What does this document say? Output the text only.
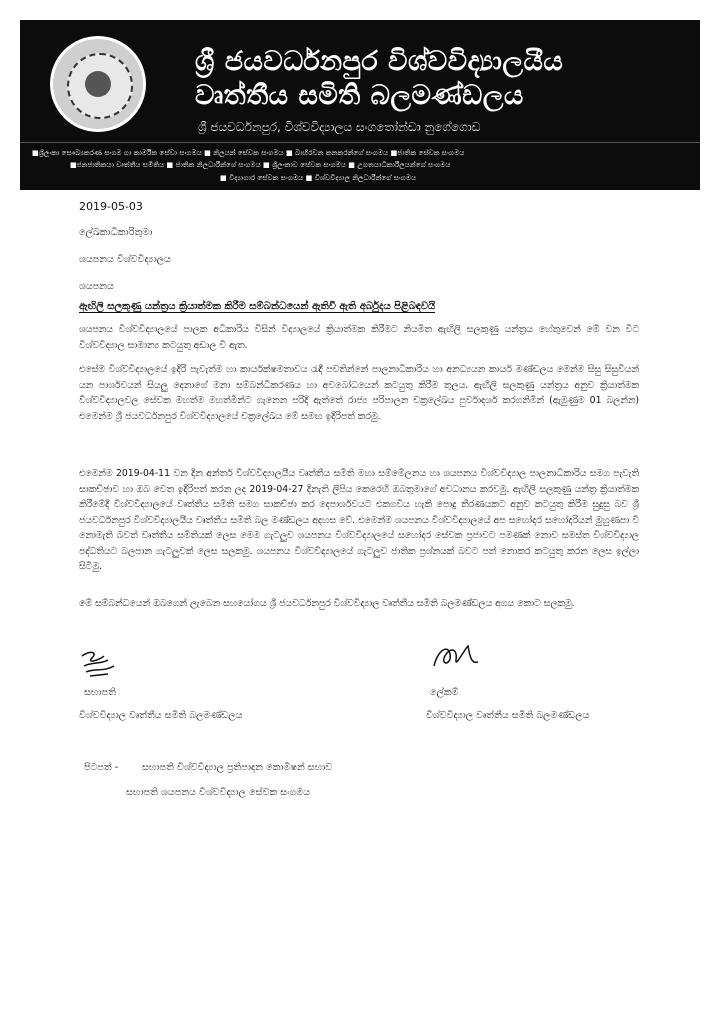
ශ්‍රී ජයවර්ධනපුර විශ්වවිද්‍යාලයීය
වෘත්තීය සමිති බලමණ්ඩලය
ශ්‍රී ජයවර්ධනපුර, විශ්වවිද්‍යාලය සංගතෝන්ඩා නුගේගොඩ
■ශ්‍රීලංකා සෞඛ්‍යකරණ සංගම ගා කාර්මික සේවා සංගමය ■ නිලයන් සේවක සංගමය ■ බාහිරවන කනකරන්ගේ සංගමය ■ජාතික සේවක සංගමය
■ජනජාතිකයා වෘත්තීය සමිතිය ■ ජාතික නිලධාරීන්ගේ සංගමය ■ ශ්‍රීලංකාව සේවක සංගමය ■ උගතයාධිකාරීලයන්ගේ සංගමය
■ විද්‍යාගාර සේවක සංගමය ■ විශ්වවිද්‍යාල නිලධාරීන්ගේ සංගමය
2019-05-03
ලේඛකාධිකාරිතුමා
ශයපනය විශ්වවිද්‍යාලය
ශයපනය
ඇඟිලි සලකුණු යන්ත්‍රය ක්‍රියාත්මක කිරීම සම්බන්ධයෙන් ඇතිවී ඇති අර්බුදය පිළිබඳවයි
ශයපනය විශ්වවිද්‍යාලයේ පාලක අධිකාරිය විසින් විද්‍යාලයේ ක්‍රියාත්මක කිරීමට නියමිත ඇඟිලි සලකුණු යන්ත්‍රය හේතුවෙන් මේ වන විට විශ්වවිද්‍යාල සාමාන්‍ය කටයුතු අඩාල වී ඇත.
එසේම විශ්වවිද්‍යාලයේ ඉදිරි පැවැත්ම හා කාර්යක්ෂමතාවය රැඳී පවතින්නේ පාලනාධිකාරිය හා අනධ්‍යයන කාර්ය මණ්ඩලය මෙන්ම සිසු සිසුවියන් යන පාර්ශවයන් සියලු දෙනාගේ මනා සම්බන්ධීකරණය හා අවබෝධයෙන් කටයුතු කිරීම තුලය. ඇඟිලි සලකුණු යන්ත්‍රය අනුව ක්‍රියාත්මක විශ්වවිද්‍යාලවල සේවක මහත්ම මහත්මීන්ට ගැනෙන පරිදි ඇත්තේ රාජ්‍ය පරිපාලන චක්‍රලේඛය පුර්වාදර්ශ කරගනිමින් (ඇමුණුම 01 බලන්න) එමෙන්ම ශ්‍රී ජයවර්ධනපුර විශ්වවිද්‍යාලයේ චක්‍රලේඛය මේ සමඟ ඉදිරිපත් කරමු.
එමෙන්ම 2019-04-11 වන දින අන්තර් විශ්වවිද්‍යාලයීය වෘත්තීය සමිති මහා සම්මේලනය හා ශයපනය විශ්වවිද්‍යාල පාලනාධිකාරිය සමග පැවැති සාකච්ඡාව හා ඔබ වෙත ඉදිරිපත් කරන ලද 2019-04-27 දිනැති ලිපිය කෙරෙහි ඔබතුමාගේ අවධානය කරවමු. ඇඟිලි සලකුණු යන්ත්‍ර ක්‍රියාත්මක කිරීමේදී විශ්වවිද්‍යාලයේ වෘත්තීය සමිති සමග සාකච්ඡා කර දෙපාර්ශවයට එකගවිය හැකි පොදු තීරණයකට අනුව කටයුතු කිරීම සුදුසු බව ශ්‍රී ජයවර්ධනපුර විශ්වවිද්‍යාලයීය වෘත්තීය සමිති බල මණ්ඩලය අදහස වේ. එමෙන්ම ශයපනය විශ්වවිද්‍යාලයේ අප සහෝදර සහෝදරියන් මුහුණපා වී නොමැති බවත් වෘත්තීය සමිතියක් ලෙස මෙම ගැටලුව ශයපනය විශ්වවිද්‍යාලයේ සහෝදර සේවක ප්‍රජාවට පමණක් නොව සමස්ත විශ්වවිද්‍යාල පද්ධතියට බලපාන ගැටලුවක් ලෙස සලකමු. ශයපනය විශ්වවිද්‍යාලයේ ගැටලුව ජාතික ප්‍රශ්නයක් බවට පත් නොකර කටයුතු කරන ලෙස ඉල්ලා සිටිමු.
මේ සම්බන්ධයෙන් ඔබගෙන් ලැබෙන සහයෝගය ශ්‍රී ජයවර්ධනපුර විශ්වවිද්‍යාල වෘත්තීය සමිති බලමණ්ඩලය අගය කොට සලකමු.
සභාපති	ලේකම්
විශ්වවිද්‍යාල වෘත්තීය සමිති බලමණ්ඩලය	විශ්වවිද්‍යාල වෘත්තීය සමිති බලමණ්ඩලය
පිටපත් - සභාපති විශ්වවිද්‍යාල ප්‍රතිපාදන කොමිෂන් සභාව
සභාපති ශයපනය විශ්වවිද්‍යාල සේවක සංගමය
